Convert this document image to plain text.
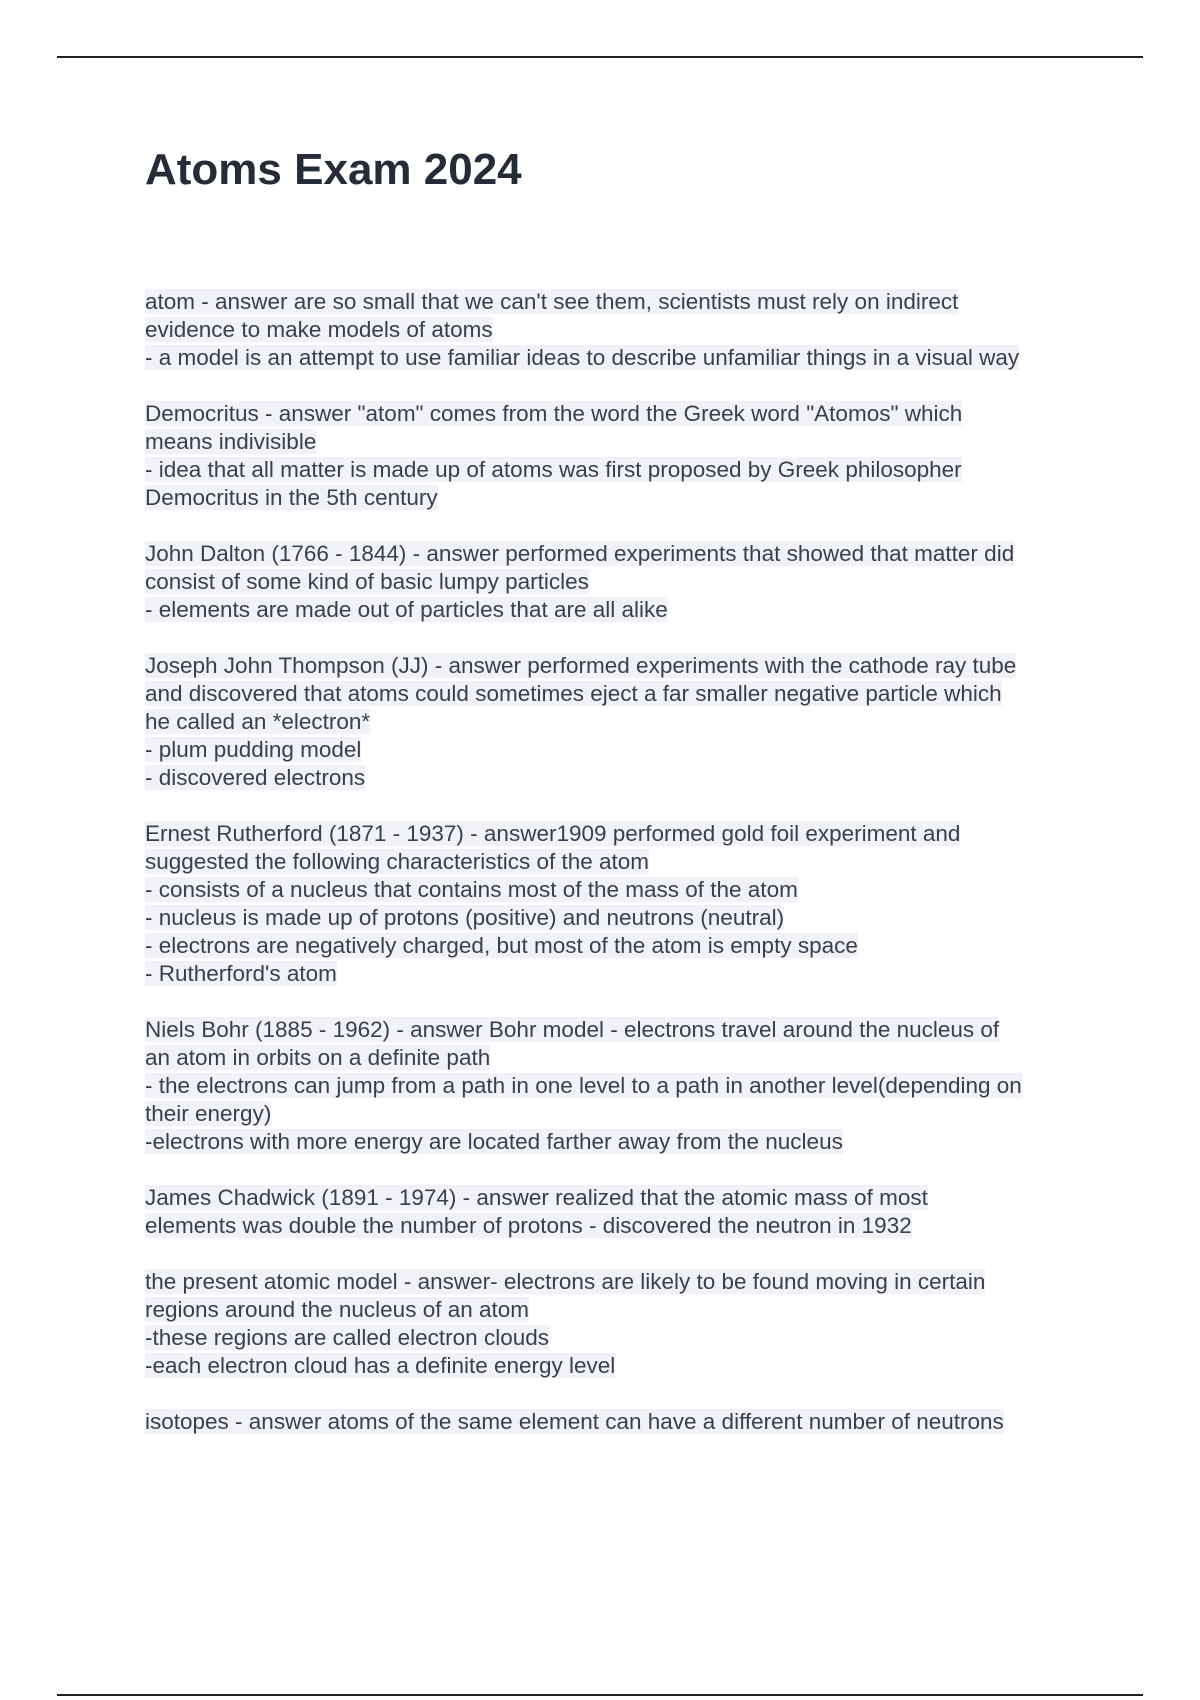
Atoms Exam 2024
atom - answer are so small that we can't see them, scientists must rely on indirect
evidence to make models of atoms
- a model is an attempt to use familiar ideas to describe unfamiliar things in a visual way
Democritus - answer "atom" comes from the word the Greek word "Atomos" which
means indivisible
- idea that all matter is made up of atoms was first proposed by Greek philosopher
Democritus in the 5th century
John Dalton (1766 - 1844) - answer performed experiments that showed that matter did
consist of some kind of basic lumpy particles
- elements are made out of particles that are all alike
Joseph John Thompson (JJ) - answer performed experiments with the cathode ray tube
and discovered that atoms could sometimes eject a far smaller negative particle which
he called an *electron*
- plum pudding model
- discovered electrons
Ernest Rutherford (1871 - 1937) - answer1909 performed gold foil experiment and
suggested the following characteristics of the atom
- consists of a nucleus that contains most of the mass of the atom
- nucleus is made up of protons (positive) and neutrons (neutral)
- electrons are negatively charged, but most of the atom is empty space
- Rutherford's atom
Niels Bohr (1885 - 1962) - answer Bohr model - electrons travel around the nucleus of
an atom in orbits on a definite path
- the electrons can jump from a path in one level to a path in another level(depending on
their energy)
-electrons with more energy are located farther away from the nucleus
James Chadwick (1891 - 1974) - answer realized that the atomic mass of most
elements was double the number of protons - discovered the neutron in 1932
the present atomic model - answer- electrons are likely to be found moving in certain
regions around the nucleus of an atom
-these regions are called electron clouds
-each electron cloud has a definite energy level
isotopes - answer atoms of the same element can have a different number of neutrons
